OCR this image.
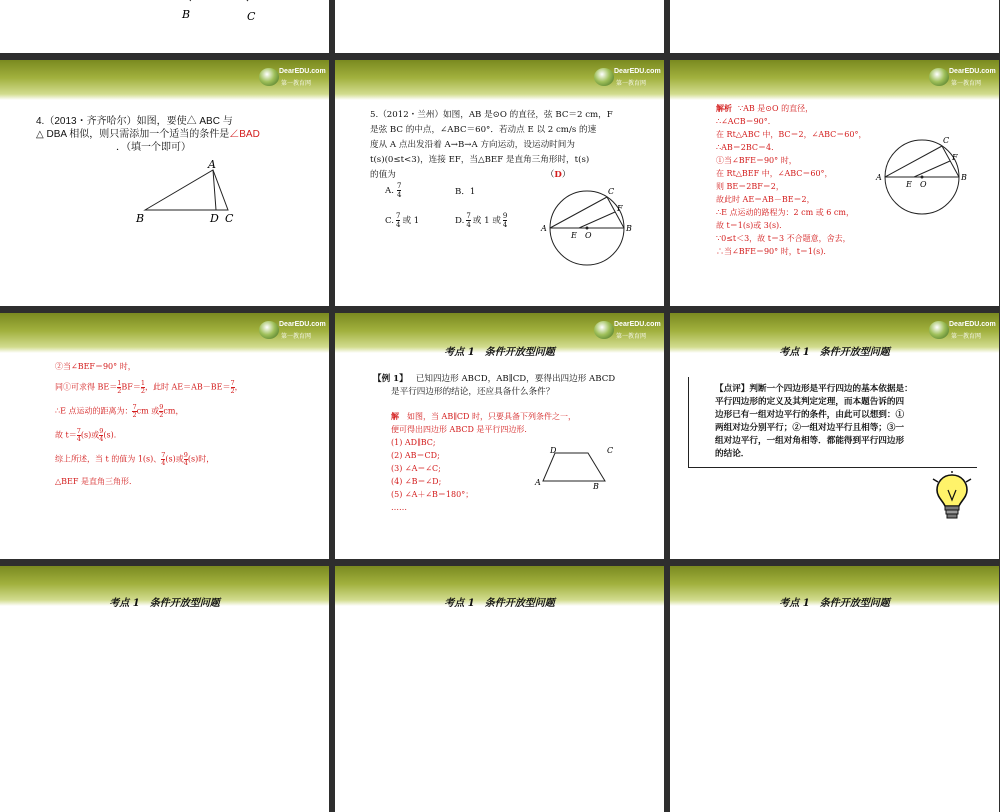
B	C
DearEDU.com
第一教育网
4.（2013・齐齐哈尔）如图，要使△ ABC 与
△ DBA 相似，则只需添加一个适当的条件是∠BAD
．（填一个即可）
A
B	D C
DearEDU.com
第一教育网
5.（2012・兰州）如图，AB 是⊙O 的直径，弦 BC＝2 cm，F
是弦 BC 的中点，∠ABC＝60°．若动点 E 以 2 cm/s 的速
度从 A 点出发沿着 A→B→A 方向运动，设运动时间为
t(s)(0≤t<3)，连接 EF，当△BEF 是直角三角形时，t(s)
的值为	（D）
A. $\frac{7}{4}$	B．1
C. $\frac{7}{4}$ 或 1	D. $\frac{7}{4}$ 或 1 或 $\frac{9}{4}$
C
F
A
E O
B
DearEDU.com
第一教育网
解析 ∵AB 是⊙O 的直径，
∴∠ACB＝90°．
在 Rt△ABC 中，BC＝2，∠ABC＝60°，
∴AB＝2BC＝4．
①当∠BFE＝90° 时，
在 Rt△BEF 中，∠ABC＝60°，
则 BE＝2BF＝2，
故此时 AE＝AB－BE＝2，
∴E 点运动的路程为：2 cm 或 6 cm，
故 t＝1(s)或 3(s)．
∵0≤t＜3，故 t＝3 不合题意，舍去，
∴当∠BFE＝90° 时，t＝1(s)．
C
F
A
E O
B
DearEDU.com
第一教育网
②当∠BEF＝90° 时，
同①可求得 $BE= \frac{1}{2} BF= \frac{1}{2}$ ，此时 $AE=AB-BE= \frac{7}{2}$ ，
∴E 点运动的距离为： $\frac{7}{2}$ cm 或 $\frac{9}{2}$ cm，
故 $t= \frac{7}{4} (s)$或 $\frac{9}{4} (s)$．
综上所述，当 t 的值为 1(s)、 $\frac{7}{4} (s)$或 $\frac{9}{4} (s)$时，
△BEF 是直角三角形．
DearEDU.com
第一教育网
考点 1　条件开放型问题
【例 1】 已知四边形 ABCD，AB∥CD，要得出四边形 ABCD
是平行四边形的结论，还应具备什么条件？
解 如图，当 AB∥CD 时，只要具备下列条件之一，
便可得出四边形 ABCD 是平行四边形．
(1) AD∥BC;
(2) AB＝CD;
(3) ∠A＝∠C;
(4) ∠B＝∠D;
(5) ∠A＋∠B＝180°；
……
A	B
C
D
DearEDU.com
第一教育网
考点 1　条件开放型问题
【点评】判断一个四边形是平行四边的基本依据是：
平行四边形的定义及其判定定理，而本题告诉的四
边形已有一组对边平行的条件，由此可以想到：①
两组对边分别平行；②一组对边平行且相等；③一
组对边平行，一组对角相等．都能得到平行四边形
的结论．
考点 1　条件开放型问题	考点 1　条件开放型问题	考点 1　条件开放型问题
